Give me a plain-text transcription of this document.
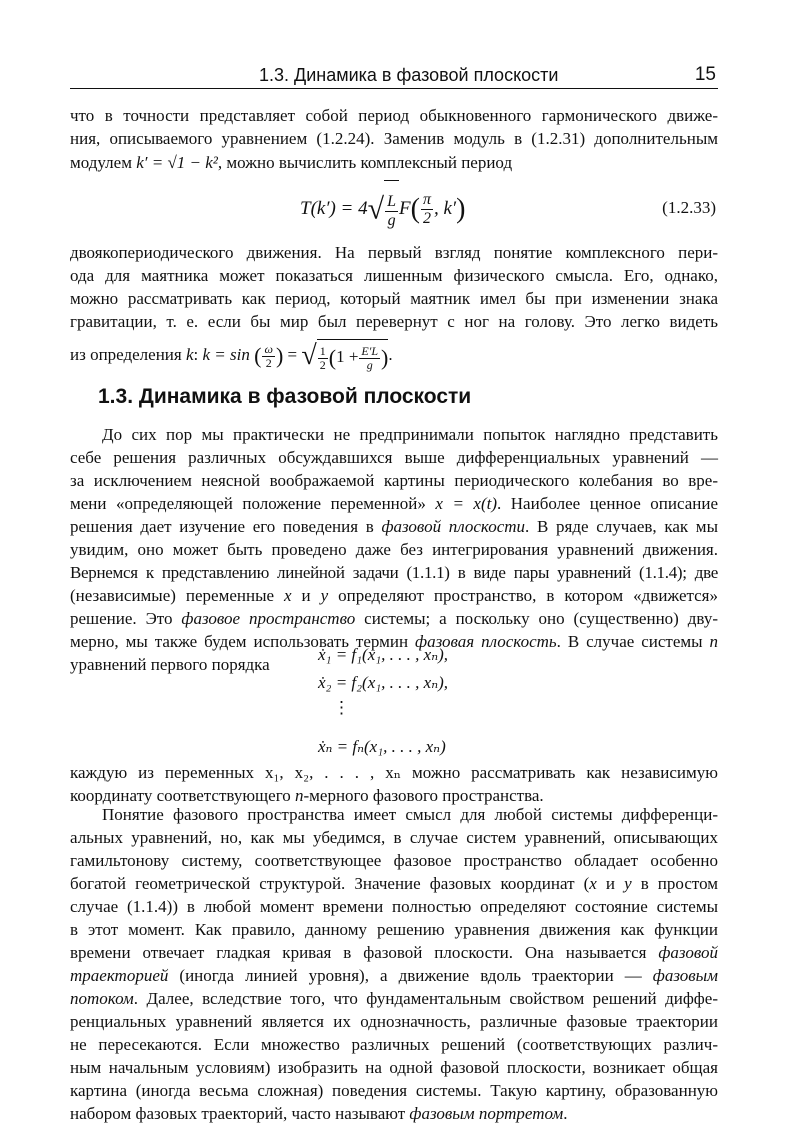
1.3. Динамика в фазовой плоскости	15
что в точности представляет собой период обыкновенного гармонического движе-
ния, описываемого уравнением (1.2.24). Заменив модуль в (1.2.31) дополнительным
модулем k′ = √1 − k², можно вычислить комплексный период
$T(k') = 4√ \frac{L}{g} F( \frac{\pi}{2}$ , k′)	(1.2.33)
двоякопериодического движения. На первый взгляд понятие комплексного пери-
ода для маятника может показаться лишенным физического смысла. Его, однако,
можно рассматривать как период, который маятник имел бы при изменении знака
гравитации, т. е. если бы мир был перевернут с ног на голову. Это легко видеть
из определения k: k = sin ( $\frac{\omega}{2}$ ) = √ $\frac{1}{2} (1 + \frac{E'L}{g}$ ).
1.3. Динамика в фазовой плоскости
До сих пор мы практически не предпринимали попыток наглядно представить
себе решения различных обсуждавшихся выше дифференциальных уравнений —
за исключением неясной воображаемой картины периодического колебания во вре-
мени «определяющей положение переменной» x = x(t). Наиболее ценное описание
решения дает изучение его поведения в фазовой плоскости. В ряде случаев, как мы
увидим, оно может быть проведено даже без интегрирования уравнений движения.
Вернемся к представлению линейной задачи (1.1.1) в виде пары уравнений (1.1.4); две
(независимые) переменные x и y определяют пространство, в котором «движется»
решение. Это фазовое пространство системы; а поскольку оно (существенно) дву-
мерно, мы также будем использовать термин фазовая плоскость. В случае системы n
уравнений первого порядка
ẋ₁ = f₁(x₁, . . . , xₙ),
ẋ₂ = f₂(x₁, . . . , xₙ),
⋮
ẋₙ = fₙ(x₁, . . . , xₙ)
каждую из переменных x₁, x₂, . . . , xₙ можно рассматривать как независимую
координату соответствующего n-мерного фазового пространства.
Понятие фазового пространства имеет смысл для любой системы дифференци-
альных уравнений, но, как мы убедимся, в случае систем уравнений, описывающих
гамильтонову систему, соответствующее фазовое пространство обладает особенно
богатой геометрической структурой. Значение фазовых координат (x и y в простом
случае (1.1.4)) в любой момент времени полностью определяют состояние системы
в этот момент. Как правило, данному решению уравнения движения как функции
времени отвечает гладкая кривая в фазовой плоскости. Она называется фазовой
траекторией (иногда линией уровня), а движение вдоль траектории — фазовым
потоком. Далее, вследствие того, что фундаментальным свойством решений диффе-
ренциальных уравнений является их однозначность, различные фазовые траектории
не пересекаются. Если множество различных решений (соответствующих различ-
ным начальным условиям) изобразить на одной фазовой плоскости, возникает общая
картина (иногда весьма сложная) поведения системы. Такую картину, образованную
набором фазовых траекторий, часто называют фазовым портретом.
